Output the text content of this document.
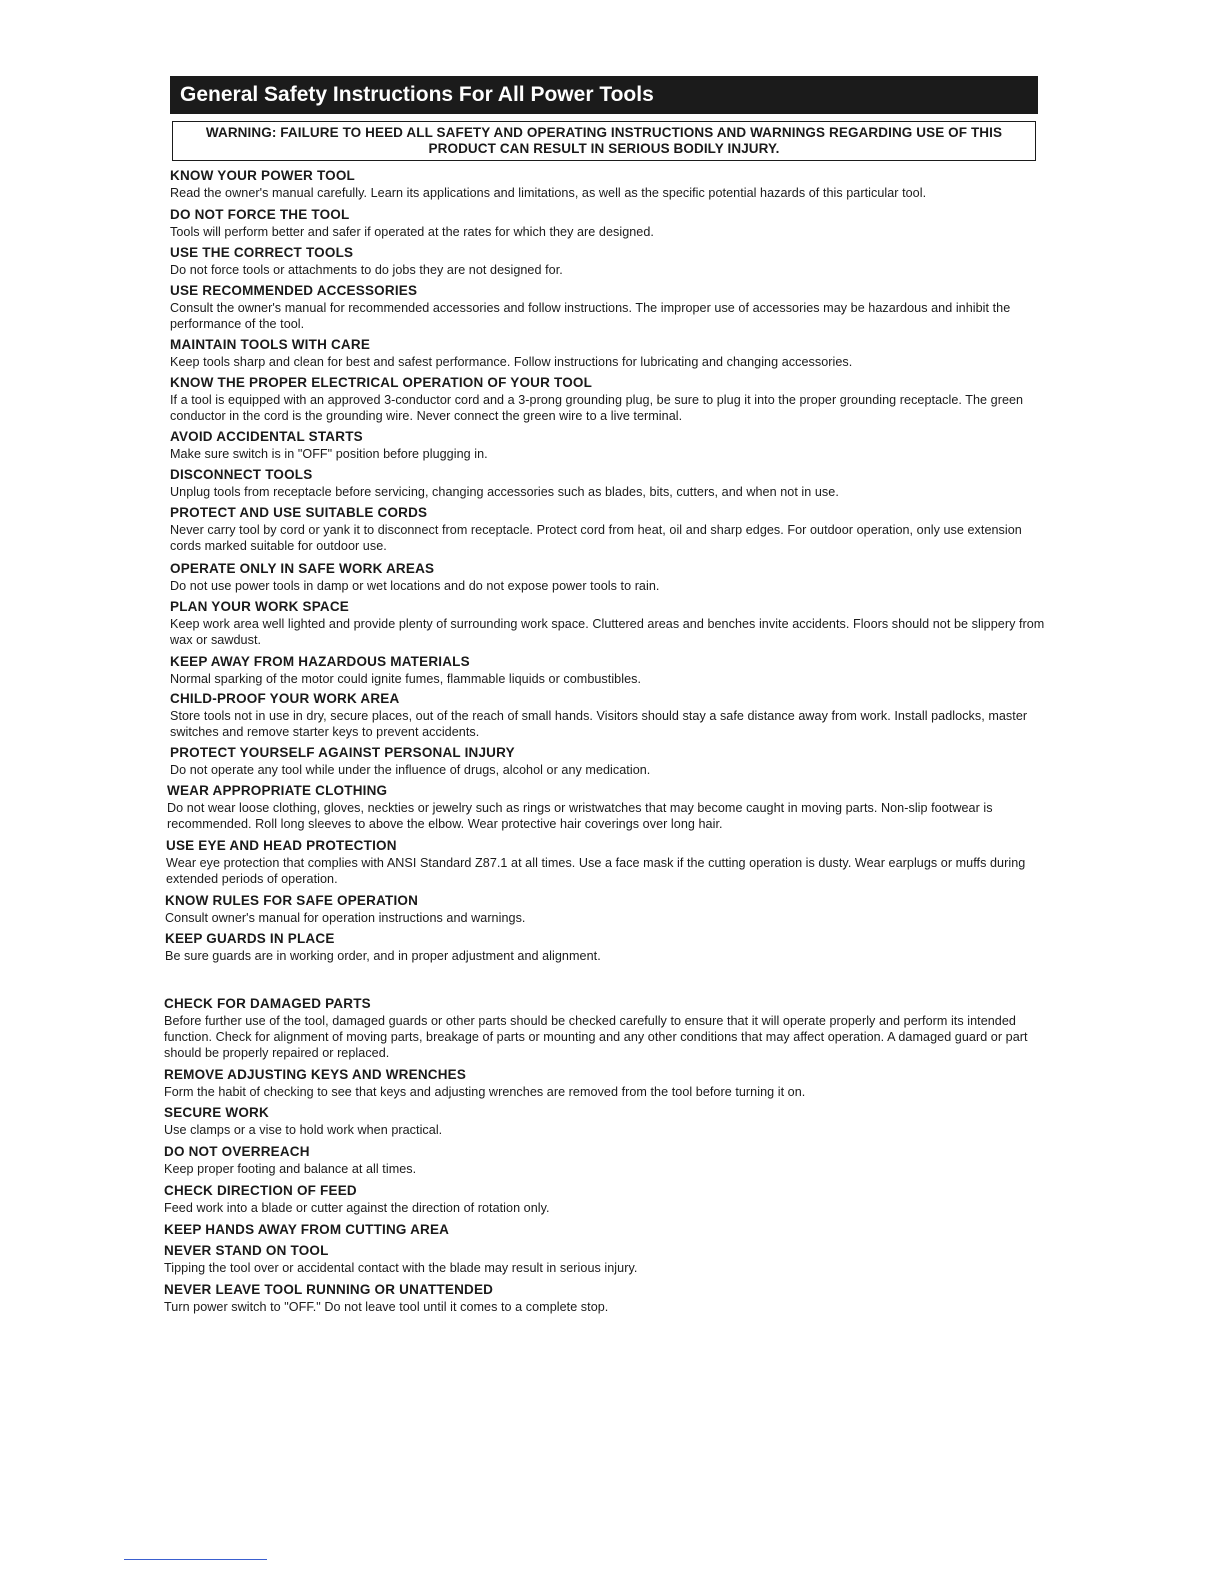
General Safety Instructions For All Power Tools
WARNING: FAILURE TO HEED ALL SAFETY AND OPERATING INSTRUCTIONS AND WARNINGS REGARDING USE OF THIS PRODUCT CAN RESULT IN SERIOUS BODILY INJURY.

KNOW YOUR POWER TOOL

Read the owner's manual carefully. Learn its applications and limitations, as well as the specific potential hazards of this particular tool.

DO NOT FORCE THE TOOL

Tools will perform better and safer if operated at the rates for which they are designed.

USE THE CORRECT TOOLS

Do not force tools or attachments to do jobs they are not designed for.

USE RECOMMENDED ACCESSORIES

Consult the owner's manual for recommended accessories and follow instructions. The improper use of accessories may be hazardous and inhibit the performance of the tool.

MAINTAIN TOOLS WITH CARE

Keep tools sharp and clean for best and safest performance. Follow instructions for lubricating and changing accessories.

KNOW THE PROPER ELECTRICAL OPERATION OF YOUR TOOL

If a tool is equipped with an approved 3-conductor cord and a 3-prong grounding plug, be sure to plug it into the proper grounding receptacle. The green conductor in the cord is the grounding wire. Never connect the green wire to a live terminal.

AVOID ACCIDENTAL STARTS

Make sure switch is in "OFF" position before plugging in.

DISCONNECT TOOLS

Unplug tools from receptacle before servicing, changing accessories such as blades, bits, cutters, and when not in use.

PROTECT AND USE SUITABLE CORDS

Never carry tool by cord or yank it to disconnect from receptacle. Protect cord from heat, oil and sharp edges. For outdoor operation, only use extension cords marked suitable for outdoor use.

OPERATE ONLY IN SAFE WORK AREAS

Do not use power tools in damp or wet locations and do not expose power tools to rain.

PLAN YOUR WORK SPACE

Keep work area well lighted and provide plenty of surrounding work space. Cluttered areas and benches invite accidents. Floors should not be slippery from wax or sawdust.

KEEP AWAY FROM HAZARDOUS MATERIALS

Normal sparking of the motor could ignite fumes, flammable liquids or combustibles.

CHILD-PROOF YOUR WORK AREA

Store tools not in use in dry, secure places, out of the reach of small hands. Visitors should stay a safe distance away from work. Install padlocks, master switches and remove starter keys to prevent accidents.

PROTECT YOURSELF AGAINST PERSONAL INJURY

Do not operate any tool while under the influence of drugs, alcohol or any medication.

WEAR APPROPRIATE CLOTHING

Do not wear loose clothing, gloves, neckties or jewelry such as rings or wristwatches that may become caught in moving parts. Non-slip footwear is recommended. Roll long sleeves to above the elbow. Wear protective hair coverings over long hair.

USE EYE AND HEAD PROTECTION

Wear eye protection that complies with ANSI Standard Z87.1 at all times. Use a face mask if the cutting operation is dusty. Wear earplugs or muffs during extended periods of operation.

KNOW RULES FOR SAFE OPERATION

Consult owner's manual for operation instructions and warnings.

KEEP GUARDS IN PLACE

Be sure guards are in working order, and in proper adjustment and alignment.

CHECK FOR DAMAGED PARTS

Before further use of the tool, damaged guards or other parts should be checked carefully to ensure that it will operate properly and perform its intended function. Check for alignment of moving parts, breakage of parts or mounting and any other conditions that may affect operation. A damaged guard or part should be properly repaired or replaced.

REMOVE ADJUSTING KEYS AND WRENCHES

Form the habit of checking to see that keys and adjusting wrenches are removed from the tool before turning it on.

SECURE WORK

Use clamps or a vise to hold work when practical.

DO NOT OVERREACH

Keep proper footing and balance at all times.

CHECK DIRECTION OF FEED

Feed work into a blade or cutter against the direction of rotation only.

KEEP HANDS AWAY FROM CUTTING AREA

NEVER STAND ON TOOL

Tipping the tool over or accidental contact with the blade may result in serious injury.

NEVER LEAVE TOOL RUNNING OR UNATTENDED

Turn power switch to "OFF." Do not leave tool until it comes to a complete stop.
